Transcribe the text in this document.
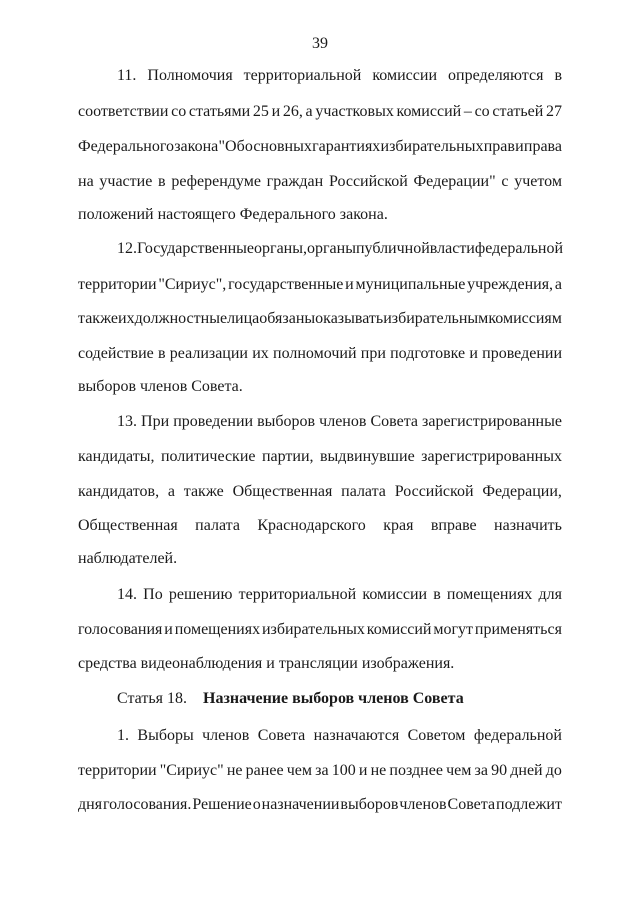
39
11. Полномочия территориальной комиссии определяются в
соответствии со статьями 25 и 26, а участковых комиссий – со статьей 27
Федерального закона "Об основных гарантиях избирательных прав и права
на участие в референдуме граждан Российской Федерации" с учетом
положений настоящего Федерального закона.
12. Государственные органы, органы публичной власти федеральной
территории "Сириус", государственные и муниципальные учреждения, а
также их должностные лица обязаны оказывать избирательным комиссиям
содействие в реализации их полномочий при подготовке и проведении
выборов членов Совета.
13. При проведении выборов членов Совета зарегистрированные
кандидаты, политические партии, выдвинувшие зарегистрированных
кандидатов, а также Общественная палата Российской Федерации,
Общественная палата Краснодарского края вправе назначить
наблюдателей.
14. По решению территориальной комиссии в помещениях для
голосования и помещениях избирательных комиссий могут применяться
средства видеонаблюдения и трансляции изображения.
Статья 18. Назначение выборов членов Совета
1. Выборы членов Совета назначаются Советом федеральной
территории "Сириус" не ранее чем за 100 и не позднее чем за 90 дней до
дня голосования. Решение о назначении выборов членов Совета подлежит
